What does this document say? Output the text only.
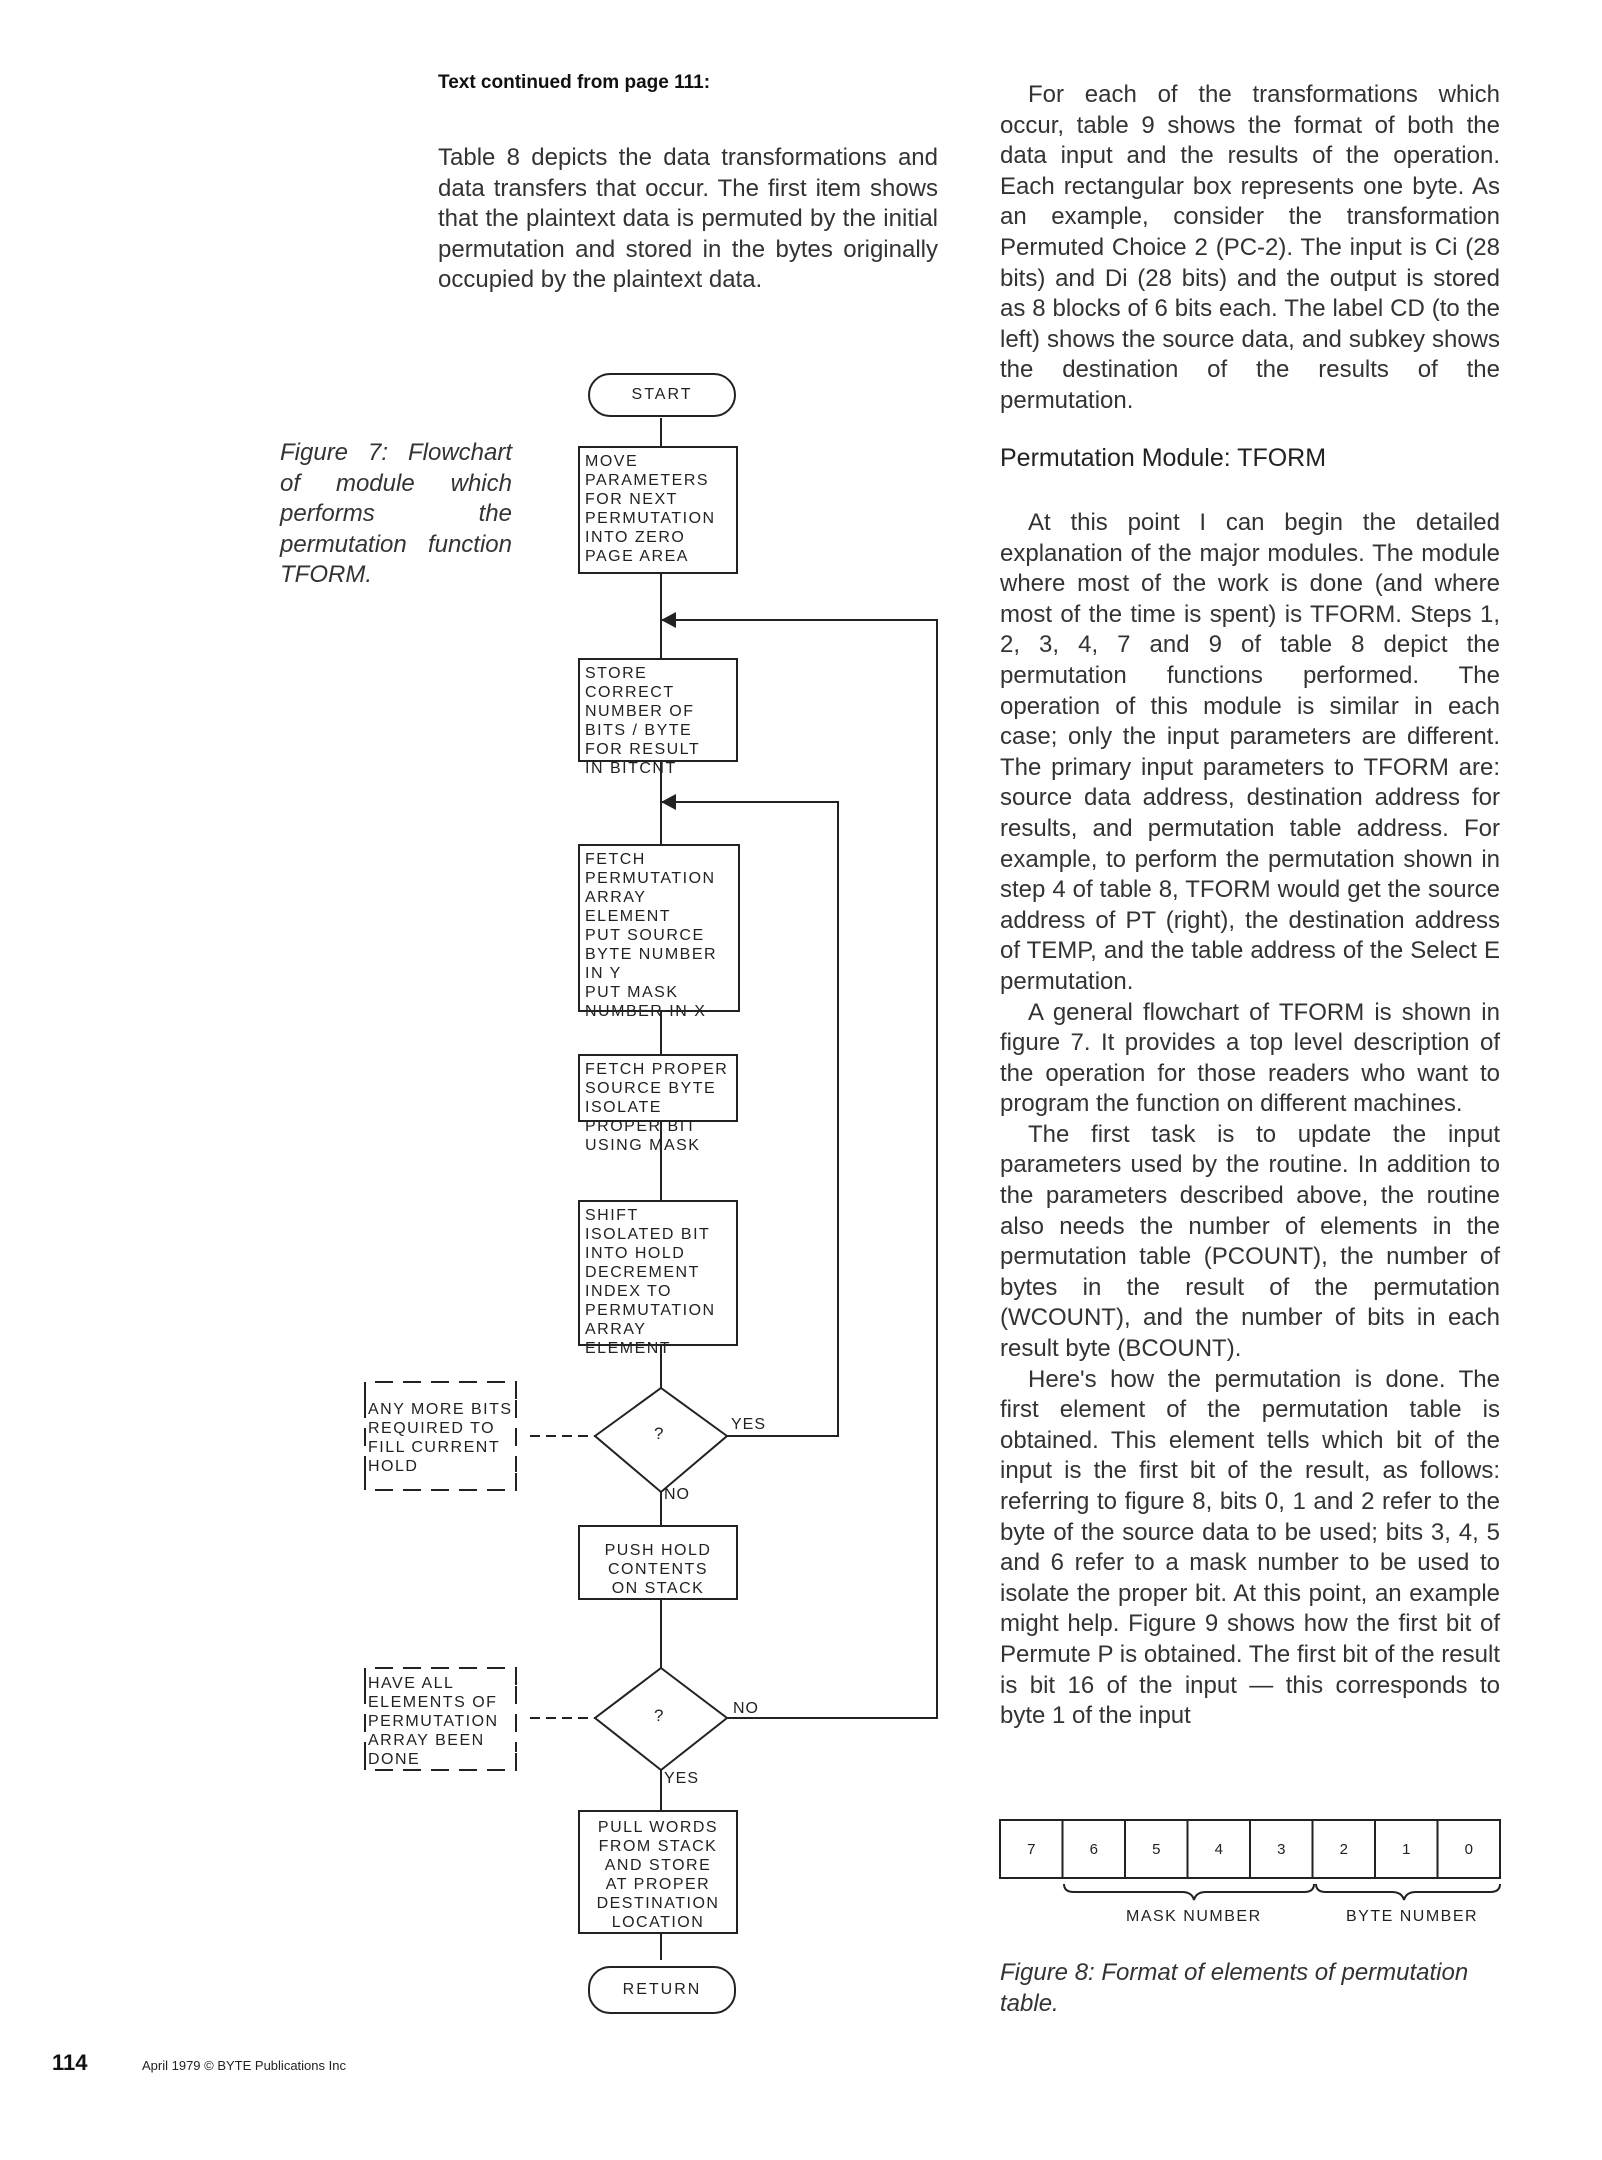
Text continued from page 111:

Table 8 depicts the data transformations and data transfers that occur. The first item shows that the plaintext data is permuted by the initial permutation and stored in the bytes originally occupied by the plaintext data.

Figure 7: Flowchart of module which performs the permutation function TFORM.
START
RETURN
MOVE
PARAMETERS
FOR NEXT
PERMUTATION
INTO ZERO
PAGE AREA
STORE CORRECT
NUMBER OF
BITS / BYTE
FOR RESULT
IN BITCNT
FETCH
PERMUTATION
ARRAY ELEMENT
PUT SOURCE
BYTE NUMBER
IN Y
PUT MASK
NUMBER IN X
FETCH PROPER
SOURCE BYTE
ISOLATE
PROPER BIT
USING MASK
SHIFT
ISOLATED BIT
INTO HOLD
DECREMENT
INDEX TO
PERMUTATION
ARRAY ELEMENT
PUSH HOLD
CONTENTS
ON STACK
PULL WORDS
FROM STACK
AND STORE
AT PROPER
DESTINATION
LOCATION
?
?
ANY MORE BITS
REQUIRED TO
FILL CURRENT
HOLD
HAVE ALL
ELEMENTS OF
PERMUTATION
ARRAY BEEN
DONE
YES
NO
NO
YES

For each of the transformations which occur, table 9 shows the format of both the data input and the results of the operation. Each rectangular box represents one byte. As an example, consider the transformation Permuted Choice 2 (PC-2). The input is Ci (28 bits) and Di (28 bits) and the output is stored as 8 blocks of 6 bits each. The label CD (to the left) shows the source data, and subkey shows the destination of the results of the permutation.

Permutation Module: TFORM

At this point I can begin the detailed explanation of the major modules. The module where most of the work is done (and where most of the time is spent) is TFORM. Steps 1, 2, 3, 4, 7 and 9 of table 8 depict the permutation functions performed. The operation of this module is similar in each case; only the input parameters are different. The primary input parameters to TFORM are: source data address, destination address for results, and permutation table address. For example, to perform the permutation shown in step 4 of table 8, TFORM would get the source address of PT (right), the destination address of TEMP, and the table address of the Select E permutation.

A general flowchart of TFORM is shown in figure 7. It provides a top level description of the operation for those readers who want to program the function on different machines.

The first task is to update the input parameters used by the routine. In addition to the parameters described above, the routine also needs the number of elements in the permutation table (PCOUNT), the number of bytes in the result of the permutation (WCOUNT), and the number of bits in each result byte (BCOUNT).

Here's how the permutation is done. The first element of the permutation table is obtained. This element tells which bit of the input is the first bit of the result, as follows: referring to figure 8, bits 0, 1 and 2 refer to the byte of the source data to be used; bits 3, 4, 5 and 6 refer to a mask number to be used to isolate the proper bit. At this point, an example might help. Figure 9 shows how the first bit of Permute P is obtained. The first bit of the result is bit 16 of the input — this corresponds to byte 1 of the input

7	6	5	4	3	2	1	0
MASK NUMBER	BYTE NUMBER
Figure 8: Format of elements of permutation table.
114	April 1979 © BYTE Publications Inc
